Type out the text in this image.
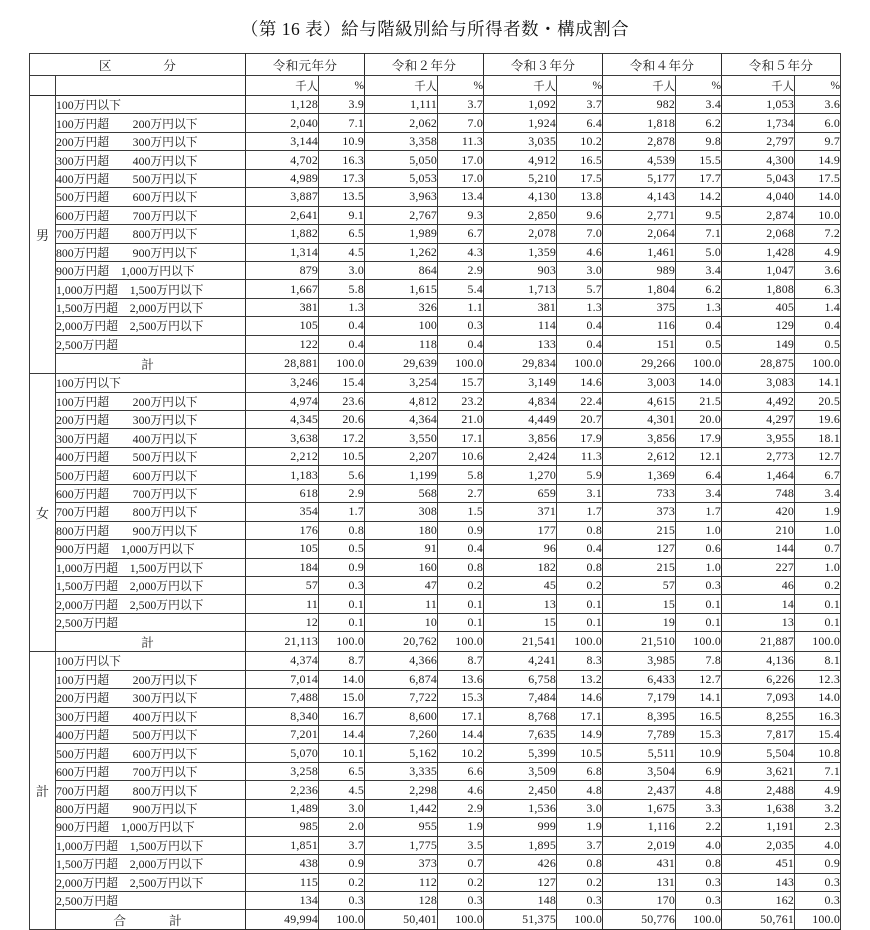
（第 16 表）給与階級別給与所得者数・構成割合
区　　　　分		令和元年分		令和２年分		令和３年分		令和４年分		令和５年分	
		千人	%	千人	%	千人	%	千人	%	千人	%
男	100万円以下	1,128	3.9	1,111	3.7	1,092	3.7	982	3.4	1,053	3.6
	100万円超　　200万円以下	2,040	7.1	2,062	7.0	1,924	6.4	1,818	6.2	1,734	6.0
	200万円超　　300万円以下	3,144	10.9	3,358	11.3	3,035	10.2	2,878	9.8	2,797	9.7
	300万円超　　400万円以下	4,702	16.3	5,050	17.0	4,912	16.5	4,539	15.5	4,300	14.9
	400万円超　　500万円以下	4,989	17.3	5,053	17.0	5,210	17.5	5,177	17.7	5,043	17.5
	500万円超　　600万円以下	3,887	13.5	3,963	13.4	4,130	13.8	4,143	14.2	4,040	14.0
	600万円超　　700万円以下	2,641	9.1	2,767	9.3	2,850	9.6	2,771	9.5	2,874	10.0
	700万円超　　800万円以下	1,882	6.5	1,989	6.7	2,078	7.0	2,064	7.1	2,068	7.2
	800万円超　　900万円以下	1,314	4.5	1,262	4.3	1,359	4.6	1,461	5.0	1,428	4.9
	900万円超　1,000万円以下	879	3.0	864	2.9	903	3.0	989	3.4	1,047	3.6
	1,000万円超　1,500万円以下	1,667	5.8	1,615	5.4	1,713	5.7	1,804	6.2	1,808	6.3
	1,500万円超　2,000万円以下	381	1.3	326	1.1	381	1.3	375	1.3	405	1.4
	2,000万円超　2,500万円以下	105	0.4	100	0.3	114	0.4	116	0.4	129	0.4
	2,500万円超	122	0.4	118	0.4	133	0.4	151	0.5	149	0.5
	計	28,881	100.0	29,639	100.0	29,834	100.0	29,266	100.0	28,875	100.0
女	100万円以下	3,246	15.4	3,254	15.7	3,149	14.6	3,003	14.0	3,083	14.1
	100万円超　　200万円以下	4,974	23.6	4,812	23.2	4,834	22.4	4,615	21.5	4,492	20.5
	200万円超　　300万円以下	4,345	20.6	4,364	21.0	4,449	20.7	4,301	20.0	4,297	19.6
	300万円超　　400万円以下	3,638	17.2	3,550	17.1	3,856	17.9	3,856	17.9	3,955	18.1
	400万円超　　500万円以下	2,212	10.5	2,207	10.6	2,424	11.3	2,612	12.1	2,773	12.7
	500万円超　　600万円以下	1,183	5.6	1,199	5.8	1,270	5.9	1,369	6.4	1,464	6.7
	600万円超　　700万円以下	618	2.9	568	2.7	659	3.1	733	3.4	748	3.4
	700万円超　　800万円以下	354	1.7	308	1.5	371	1.7	373	1.7	420	1.9
	800万円超　　900万円以下	176	0.8	180	0.9	177	0.8	215	1.0	210	1.0
	900万円超　1,000万円以下	105	0.5	91	0.4	96	0.4	127	0.6	144	0.7
	1,000万円超　1,500万円以下	184	0.9	160	0.8	182	0.8	215	1.0	227	1.0
	1,500万円超　2,000万円以下	57	0.3	47	0.2	45	0.2	57	0.3	46	0.2
	2,000万円超　2,500万円以下	11	0.1	11	0.1	13	0.1	15	0.1	14	0.1
	2,500万円超	12	0.1	10	0.1	15	0.1	19	0.1	13	0.1
	計	21,113	100.0	20,762	100.0	21,541	100.0	21,510	100.0	21,887	100.0
計	100万円以下	4,374	8.7	4,366	8.7	4,241	8.3	3,985	7.8	4,136	8.1
	100万円超　　200万円以下	7,014	14.0	6,874	13.6	6,758	13.2	6,433	12.7	6,226	12.3
	200万円超　　300万円以下	7,488	15.0	7,722	15.3	7,484	14.6	7,179	14.1	7,093	14.0
	300万円超　　400万円以下	8,340	16.7	8,600	17.1	8,768	17.1	8,395	16.5	8,255	16.3
	400万円超　　500万円以下	7,201	14.4	7,260	14.4	7,635	14.9	7,789	15.3	7,817	15.4
	500万円超　　600万円以下	5,070	10.1	5,162	10.2	5,399	10.5	5,511	10.9	5,504	10.8
	600万円超　　700万円以下	3,258	6.5	3,335	6.6	3,509	6.8	3,504	6.9	3,621	7.1
	700万円超　　800万円以下	2,236	4.5	2,298	4.6	2,450	4.8	2,437	4.8	2,488	4.9
	800万円超　　900万円以下	1,489	3.0	1,442	2.9	1,536	3.0	1,675	3.3	1,638	3.2
	900万円超　1,000万円以下	985	2.0	955	1.9	999	1.9	1,116	2.2	1,191	2.3
	1,000万円超　1,500万円以下	1,851	3.7	1,775	3.5	1,895	3.7	2,019	4.0	2,035	4.0
	1,500万円超　2,000万円以下	438	0.9	373	0.7	426	0.8	431	0.8	451	0.9
	2,000万円超　2,500万円以下	115	0.2	112	0.2	127	0.2	131	0.3	143	0.3
	2,500万円超	134	0.3	128	0.3	148	0.3	170	0.3	162	0.3
	合　　計	49,994	100.0	50,401	100.0	51,375	100.0	50,776	100.0	50,761	100.0
